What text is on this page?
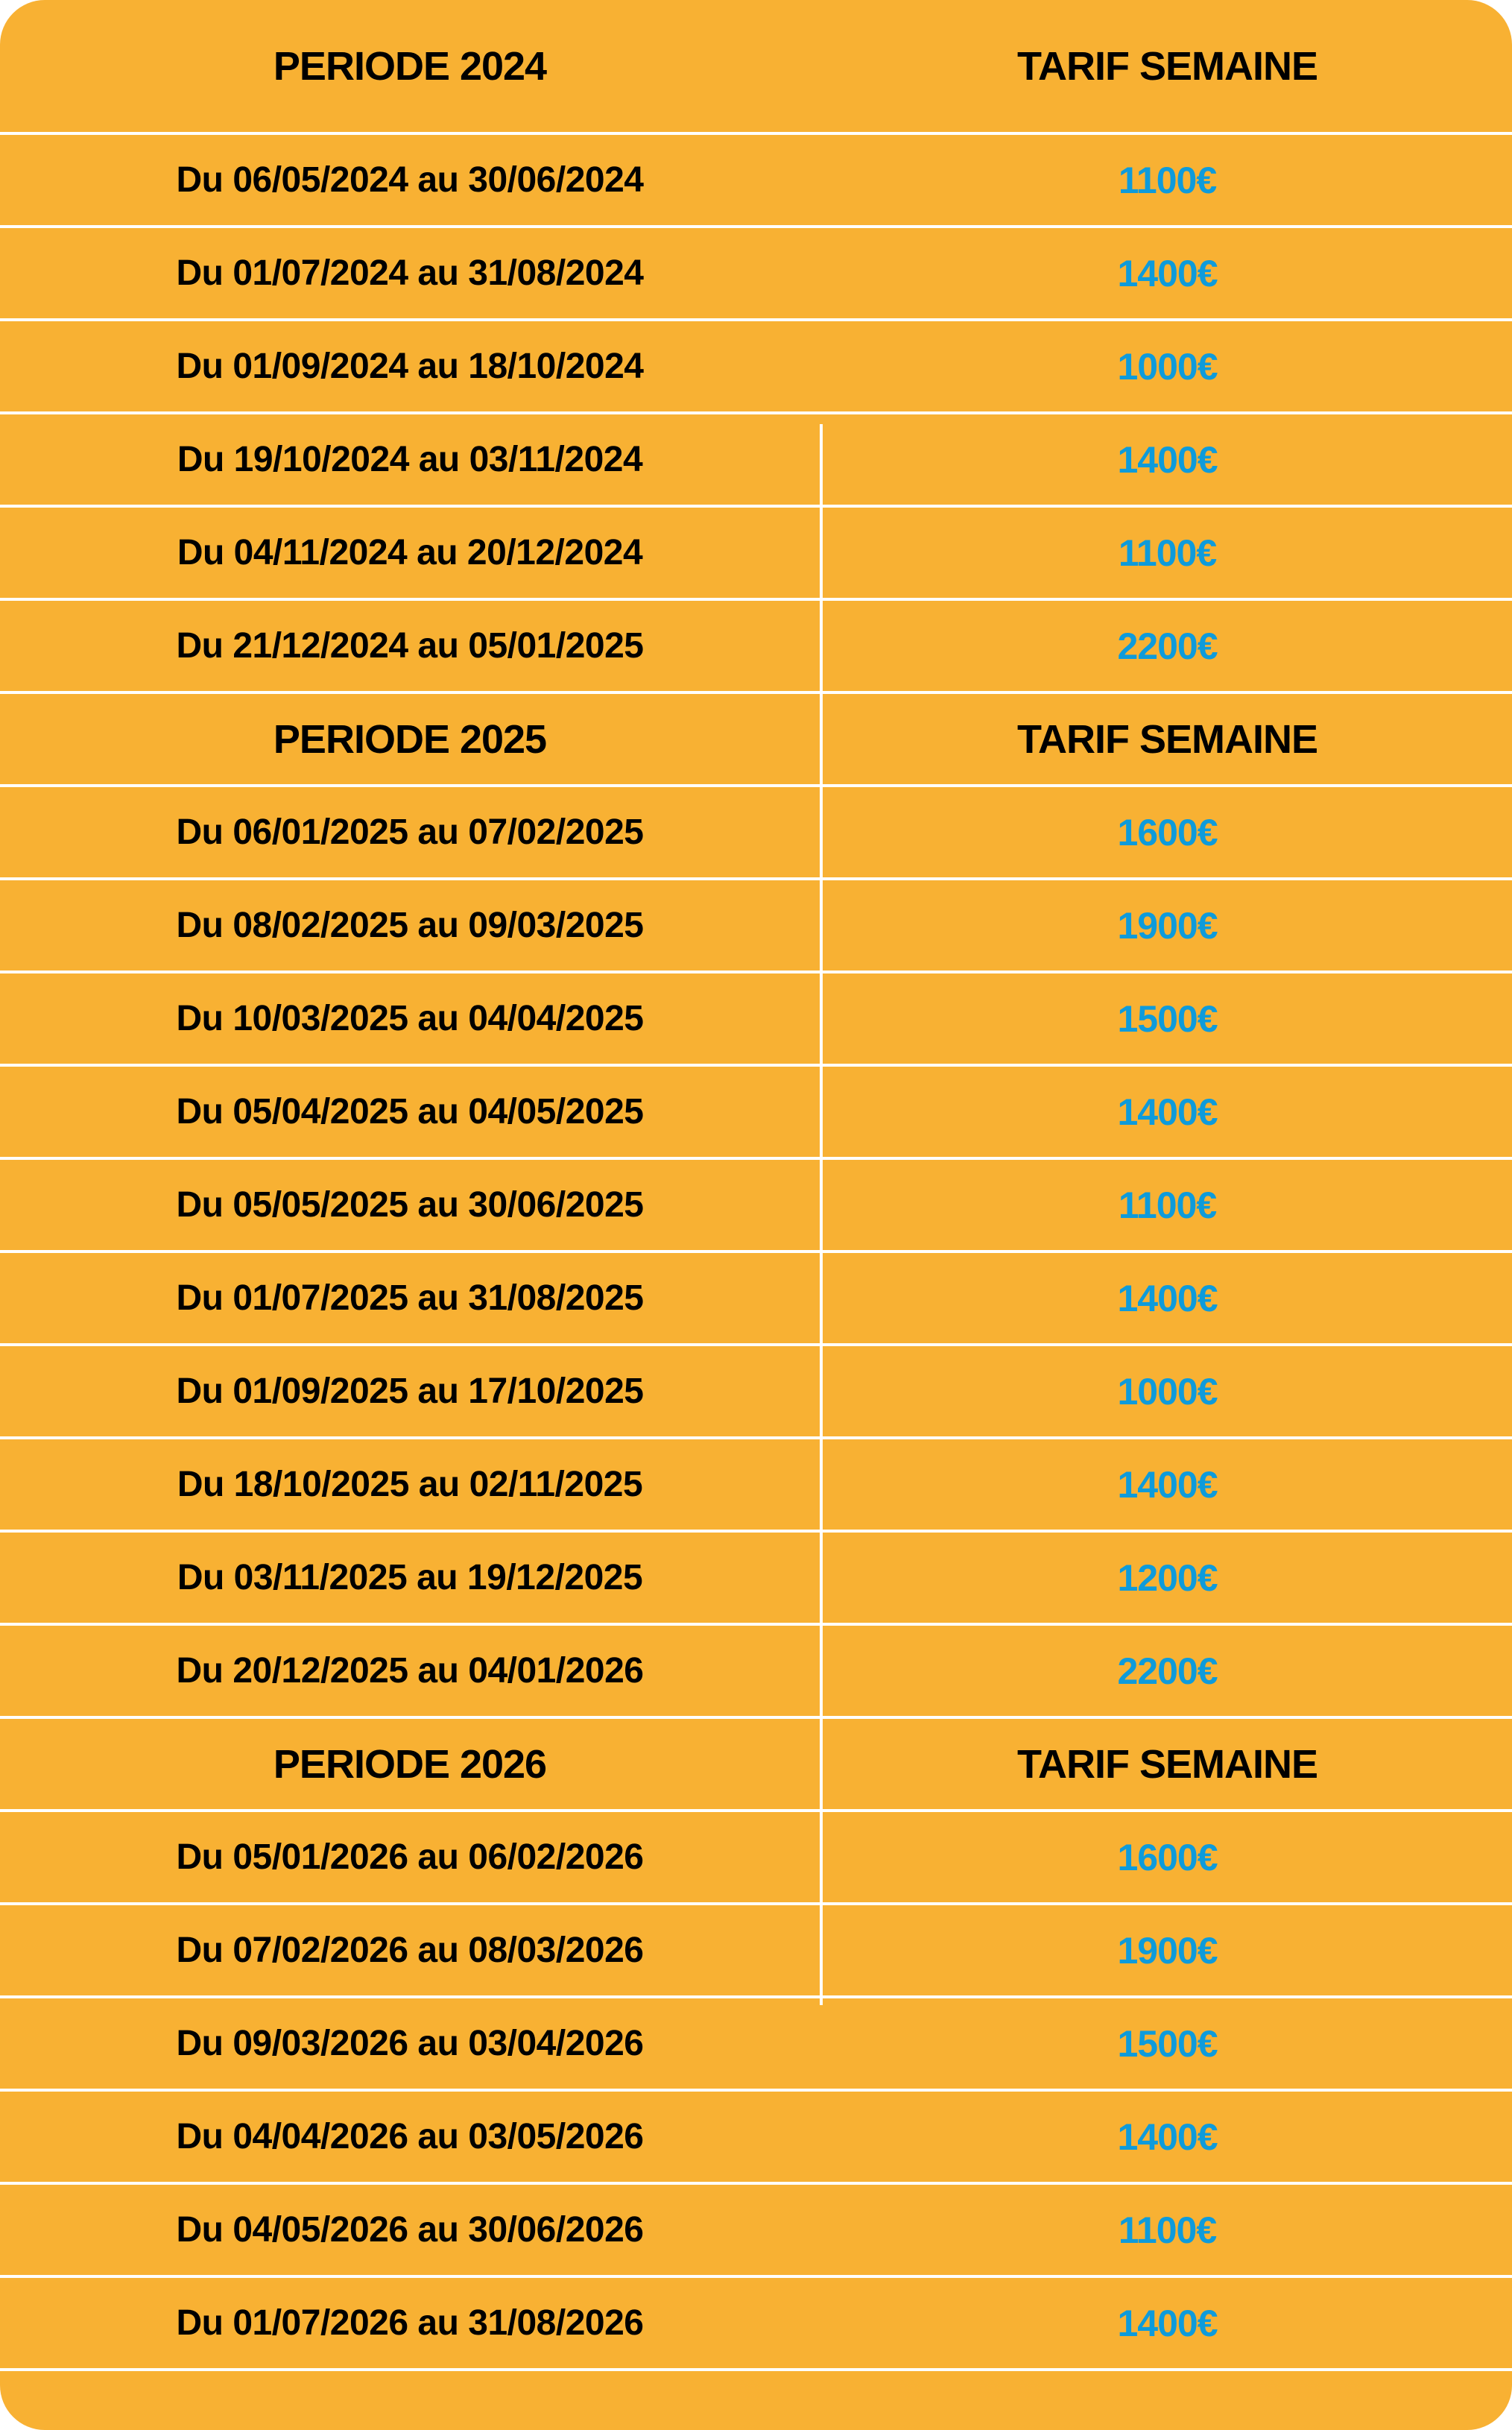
PERIODE 2024	TARIF SEMAINE
Du 06/05/2024 au 30/06/2024	1100€
Du 01/07/2024 au 31/08/2024	1400€
Du 01/09/2024 au 18/10/2024	1000€
Du 19/10/2024 au 03/11/2024	1400€
Du 04/11/2024 au 20/12/2024	1100€
Du 21/12/2024 au 05/01/2025	2200€
PERIODE 2025	TARIF SEMAINE
Du 06/01/2025 au 07/02/2025	1600€
Du 08/02/2025 au 09/03/2025	1900€
Du 10/03/2025 au 04/04/2025	1500€
Du 05/04/2025 au 04/05/2025	1400€
Du 05/05/2025 au 30/06/2025	1100€
Du 01/07/2025 au 31/08/2025	1400€
Du 01/09/2025 au 17/10/2025	1000€
Du 18/10/2025 au 02/11/2025	1400€
Du 03/11/2025 au 19/12/2025	1200€
Du 20/12/2025 au 04/01/2026	2200€
PERIODE 2026	TARIF SEMAINE
Du 05/01/2026 au 06/02/2026	1600€
Du 07/02/2026 au 08/03/2026	1900€
Du 09/03/2026 au 03/04/2026	1500€
Du 04/04/2026 au 03/05/2026	1400€
Du 04/05/2026 au 30/06/2026	1100€
Du 01/07/2026 au 31/08/2026	1400€
